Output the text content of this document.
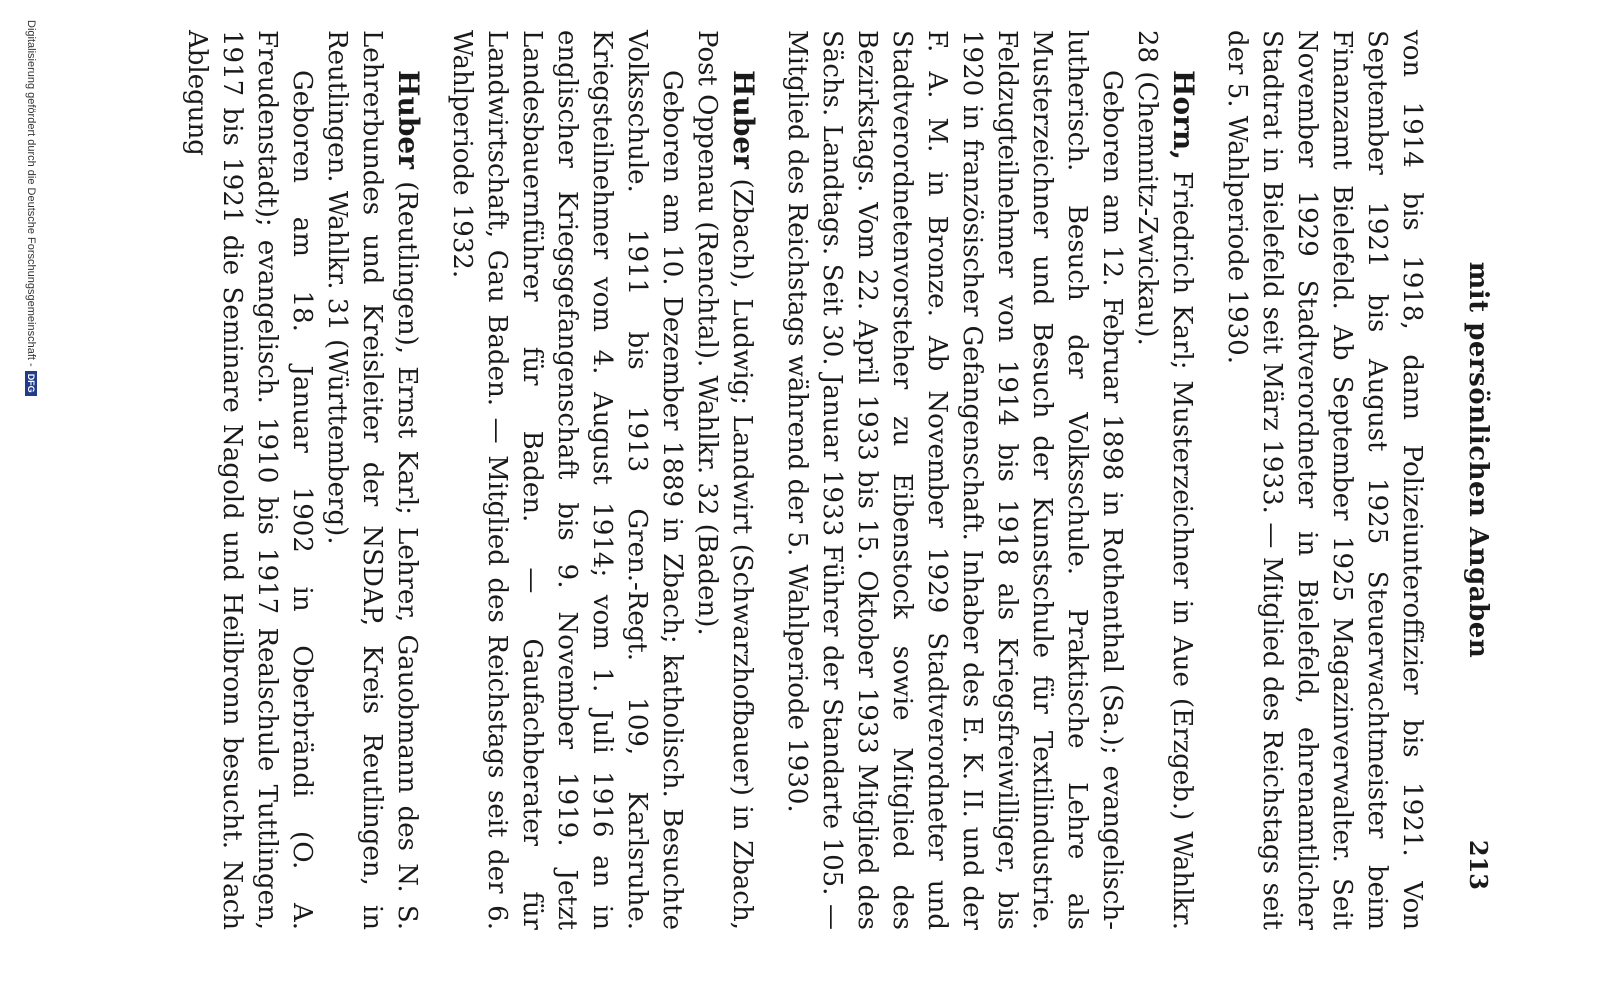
mit persönlichen Angaben
213

von 1914 bis 1918, dann Polizeiunteroffizier bis 1921. Von September 1921 bis August 1925 Steuerwachtmeister beim Finanzamt Bielefeld. Ab September 1925 Magazinverwalter. Seit November 1929 Stadtverordneter in Bielefeld, ehrenamtlicher Stadtrat in Bielefeld seit März 1933. — Mitglied des Reichstags seit der 5. Wahlperiode 1930.

Horn, Friedrich Karl; Musterzeichner in Aue (Erzgeb.) Wahlkr. 28 (Chemnitz-Zwickau).

Geboren am 12. Februar 1898 in Rothenthal (Sa.); evangelisch-lutherisch. Besuch der Volksschule. Praktische Lehre als Musterzeichner und Besuch der Kunstschule für Textilindustrie. Feldzugteilnehmer von 1914 bis 1918 als Kriegsfreiwilliger, bis 1920 in französischer Gefangenschaft. Inhaber des E. K. II. und der F. A. M. in Bronze. Ab November 1929 Stadtverordneter und Stadtverordnetenvorsteher zu Eibenstock sowie Mitglied des Bezirkstags. Vom 22. April 1933 bis 15. Oktober 1933 Mitglied des Sächs. Landtags. Seit 30. Januar 1933 Führer der Standarte 105. — Mitglied des Reichstags während der 5. Wahlperiode 1930.

Huber (Zbach), Ludwig; Landwirt (Schwarzhofbauer) in Zbach, Post Oppenau (Renchtal). Wahlkr. 32 (Baden).

Geboren am 10. Dezember 1889 in Zbach; katholisch. Besuchte Volksschule. 1911 bis 1913 Gren.-Regt. 109, Karlsruhe. Kriegsteilnehmer vom 4. August 1914; vom 1. Juli 1916 an in englischer Kriegsgefangenschaft bis 9. November 1919. Jetzt Landesbauernführer für Baden. — Gaufachberater für Landwirtschaft, Gau Baden. — Mitglied des Reichstags seit der 6. Wahlperiode 1932.

Huber (Reutlingen), Ernst Karl; Lehrer, Gauobmann des N. S. Lehrerbundes und Kreisleiter der NSDAP, Kreis Reutlingen, in Reutlingen. Wahlkr. 31 (Württemberg).

Geboren am 18. Januar 1902 in Oberbrändi (O. A. Freudenstadt); evangelisch. 1910 bis 1917 Realschule Tuttlingen, 1917 bis 1921 die Seminare Nagold und Heilbronn besucht. Nach Ablegung

Digitalisierung gefördert durch die Deutsche Forschungsgemeinschaft -DFG
